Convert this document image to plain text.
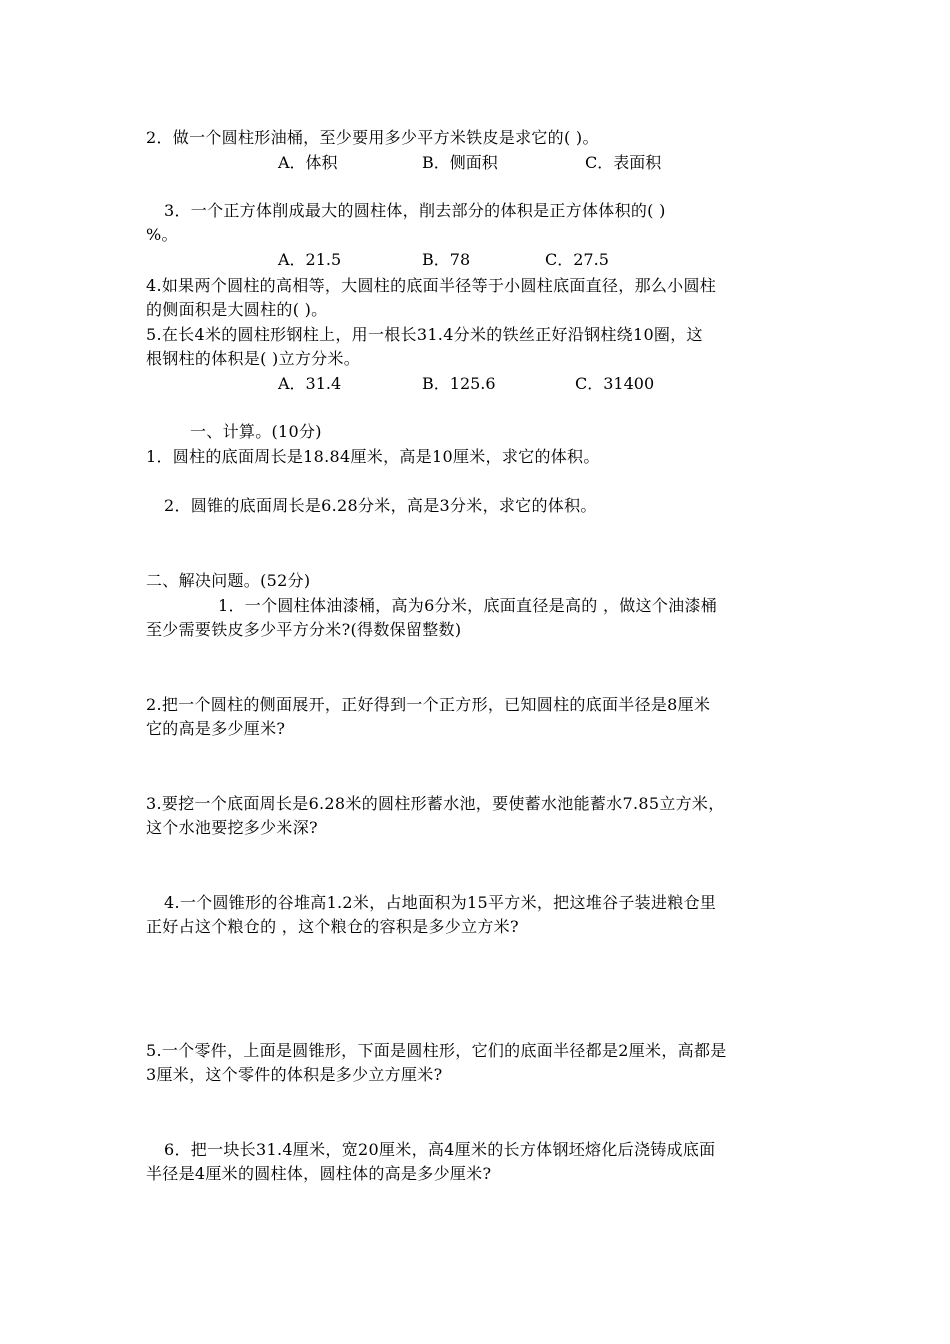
2．做一个圆柱形油桶，至少要用多少平方米铁皮是求它的( )。
A．体积	B．侧面积	C．表面积
3．一个正方体削成最大的圆柱体，削去部分的体积是正方体体积的( )
%。
A．21.5	B．78	C．27.5
4.如果两个圆柱的高相等，大圆柱的底面半径等于小圆柱底面直径，那么小圆柱
的侧面积是大圆柱的( )。
5.在长4米的圆柱形钢柱上，用一根长31.4分米的铁丝正好沿钢柱绕10圈，这
根钢柱的体积是( )立方分米。
A．31.4	B．125.6	C．31400
一、计算。(10分)
1．圆柱的底面周长是18.84厘米，高是10厘米，求它的体积。
2．圆锥的底面周长是6.28分米，高是3分米，求它的体积。
二、解决问题。(52分)
1．一个圆柱体油漆桶，高为6分米，底面直径是高的 ，做这个油漆桶
至少需要铁皮多少平方分米?(得数保留整数)
2.把一个圆柱的侧面展开，正好得到一个正方形，已知圆柱的底面半径是8厘米
它的高是多少厘米?
3.要挖一个底面周长是6.28米的圆柱形蓄水池，要使蓄水池能蓄水7.85立方米，
这个水池要挖多少米深?
4.一个圆锥形的谷堆高1.2米，占地面积为15平方米，把这堆谷子装进粮仓里
正好占这个粮仓的 ，这个粮仓的容积是多少立方米?
5.一个零件，上面是圆锥形，下面是圆柱形，它们的底面半径都是2厘米，高都是
3厘米，这个零件的体积是多少立方厘米?
6．把一块长31.4厘米，宽20厘米，高4厘米的长方体钢坯熔化后浇铸成底面
半径是4厘米的圆柱体，圆柱体的高是多少厘米?
